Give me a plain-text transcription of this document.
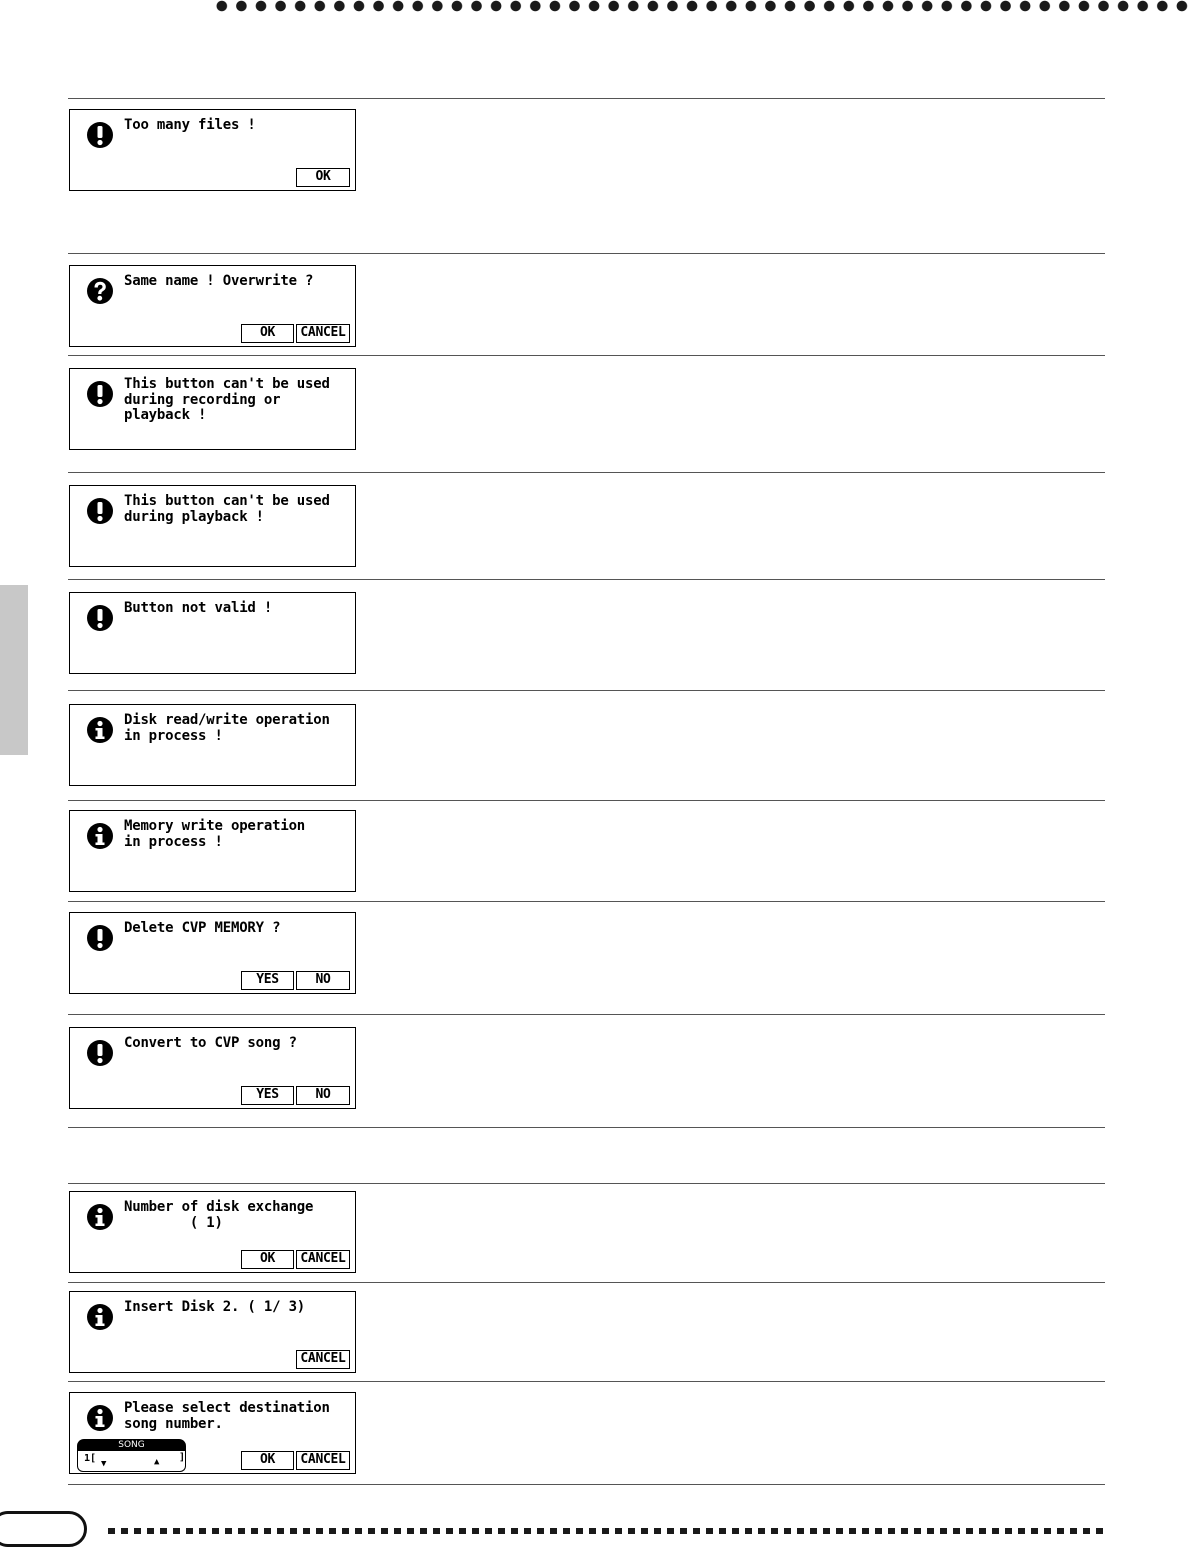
Too many files !
OK
Same name ! Overwrite ?
OK	CANCEL
This button can't be used
during recording or
playback !
This button can't be used
during playback !
Button not valid !
Disk read/write operation
in process !
Memory write operation
in process !
Delete CVP MEMORY ?
YES	NO
Convert to CVP song ?
YES	NO
Number of disk exchange
( 1)
OK	CANCEL
Insert Disk 2. ( 1/ 3)
CANCEL
Please select destination
song number.
SONG
1[ ▼	▲ ]	OK	CANCEL
